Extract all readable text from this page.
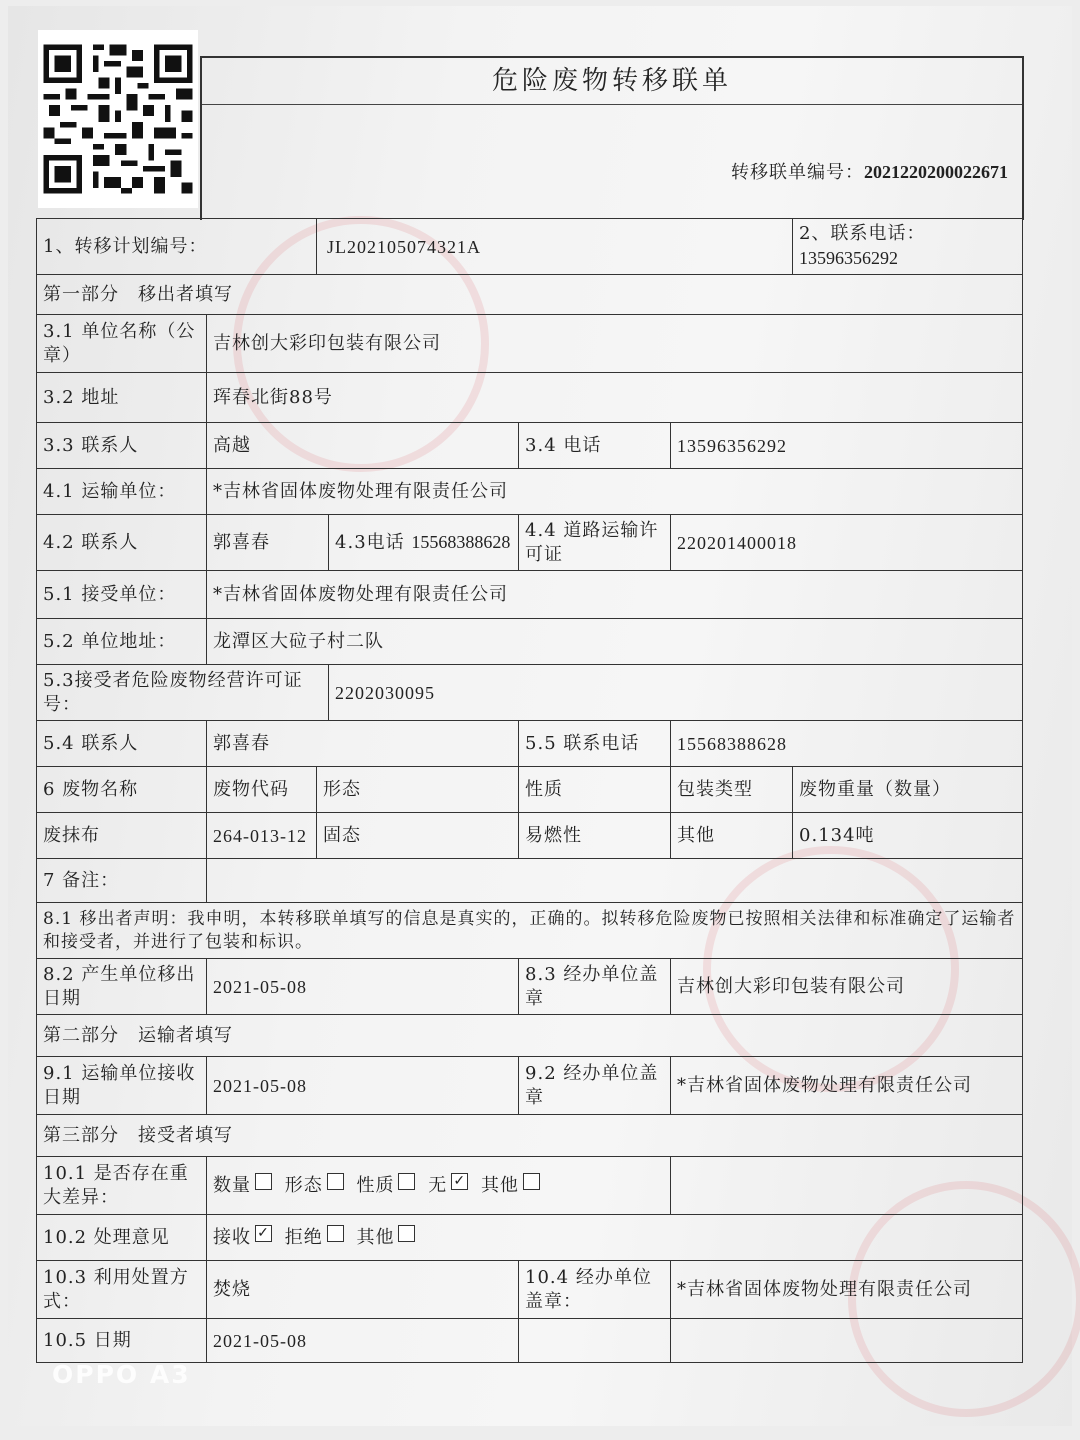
危险废物转移联单
转移联单编号：2021220200022671
1、转移计划编号：		JL202105074321A				2、联系电话： 13596356292
第一部分　移出者填写						
3.1 单位名称（公章）	吉林创大彩印包装有限公司					
3.2 地址	珲春北街88号					
3.3 联系人	高越			3.4 电话	13596356292	
4.1 运输单位：	*吉林省固体废物处理有限责任公司					
4.2 联系人	郭喜春		4.3电话 15568388628	4.4 道路运输许可证	220201400018	
5.1 接受单位：	*吉林省固体废物处理有限责任公司					
5.2 单位地址：	龙潭区大砬子村二队					
5.3接受者危险废物经营许可证号：			2202030095			
5.4 联系人	郭喜春			5.5 联系电话	15568388628	
6 废物名称	废物代码	形态		性质	包装类型	废物重量（数量）
废抹布	264-013-12	固态		易燃性	其他	0.134吨
7 备注：						
8.1 移出者声明：我申明，本转移联单填写的信息是真实的，正确的。拟转移危险废物已按照相关法律和标准确定了运输者和接受者，并进行了包装和标识。						
8.2 产生单位移出日期	2021-05-08			8.3 经办单位盖章	吉林创大彩印包装有限公司	
第二部分　运输者填写						
9.1 运输单位接收日期	2021-05-08			9.2 经办单位盖章	*吉林省固体废物处理有限责任公司	
第三部分　接受者填写						
10.1 是否存在重大差异：	数量 形态 性质 无 ✓ 其他					
10.2 处理意见	接收 ✓ 拒绝 其他					
10.3 利用处置方式：	焚烧			10.4 经办单位盖章：	*吉林省固体废物处理有限责任公司	
10.5 日期	2021-05-08					
OPPO A3
